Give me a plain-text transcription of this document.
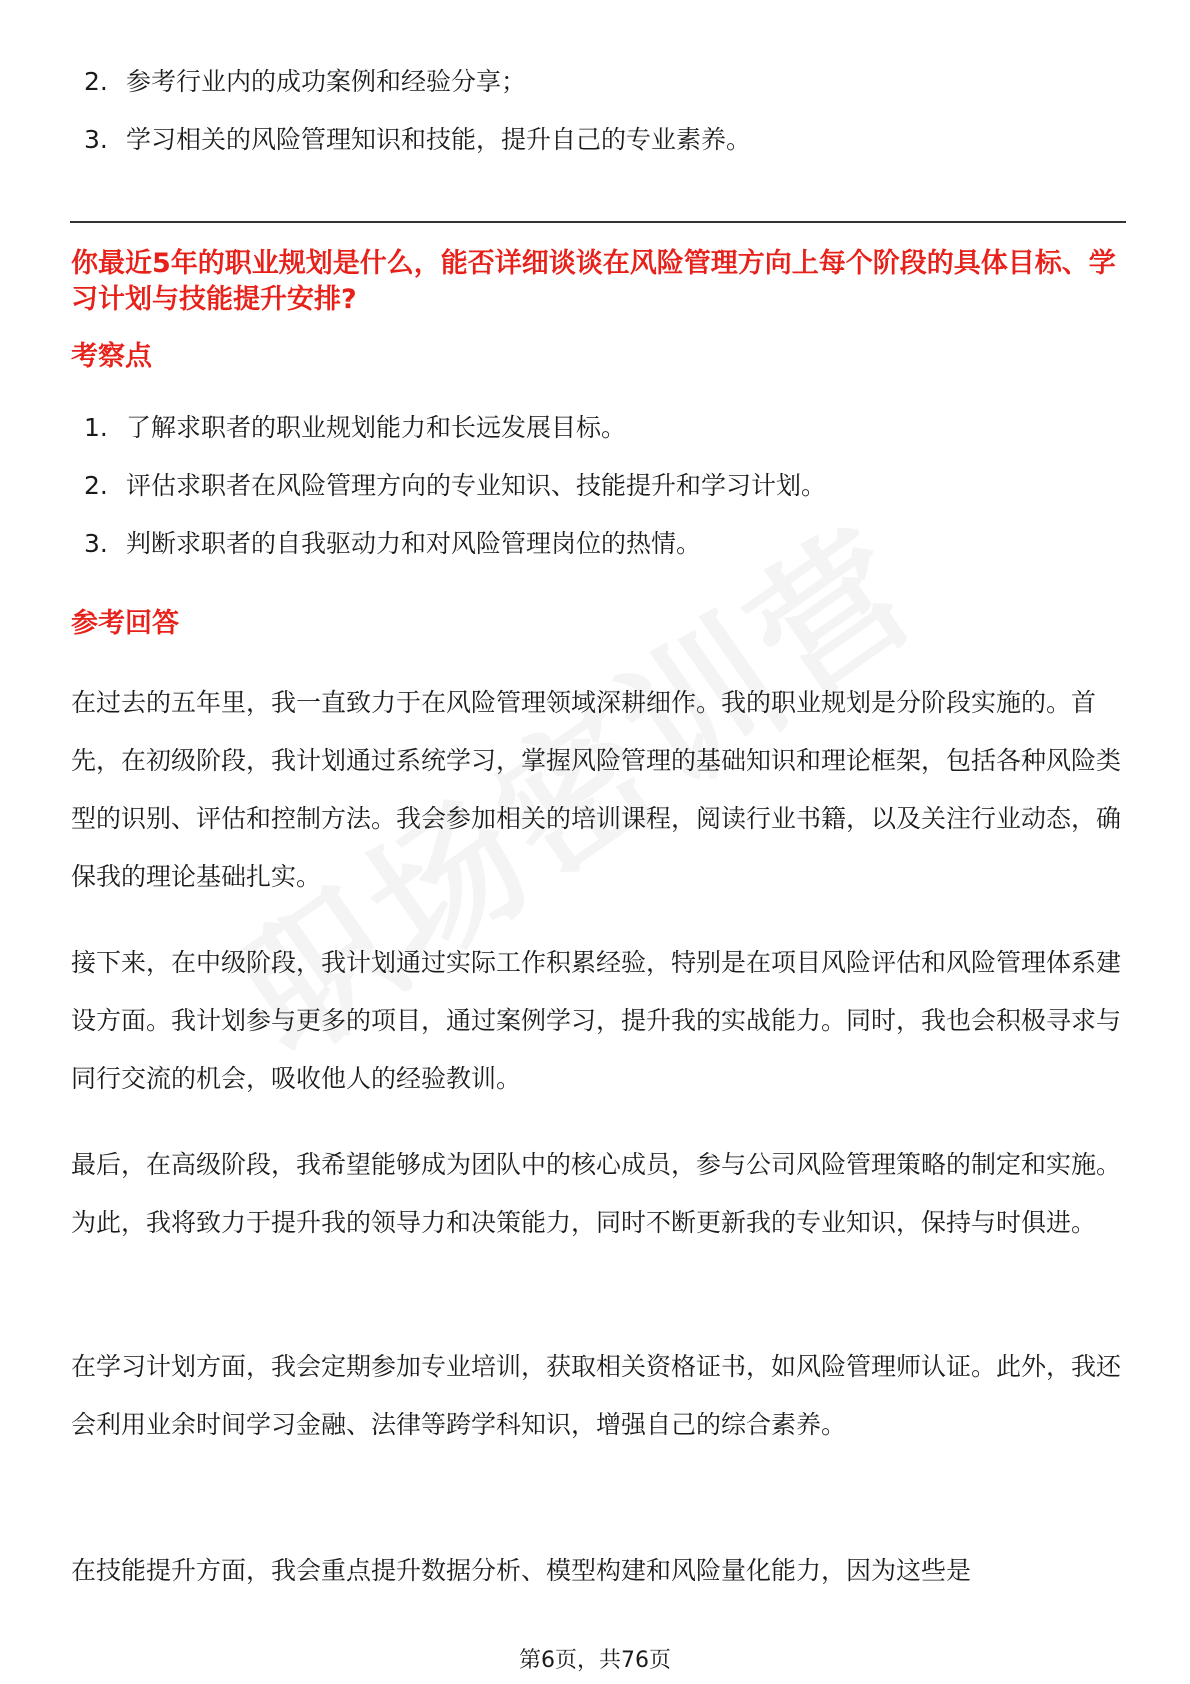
2. 参考行业内的成功案例和经验分享；
3. 学习相关的风险管理知识和技能，提升自己的专业素养。
你最近5年的职业规划是什么，能否详细谈谈在风险管理方向上每个阶段的具体目标、学习计划与技能提升安排?
考察点
1. 了解求职者的职业规划能力和长远发展目标。
2. 评估求职者在风险管理方向的专业知识、技能提升和学习计划。
3. 判断求职者的自我驱动力和对风险管理岗位的热情。
参考回答

在过去的五年里，我一直致力于在风险管理领域深耕细作。我的职业规划是分阶段实施的。首先，在初级阶段，我计划通过系统学习，掌握风险管理的基础知识和理论框架，包括各种风险类型的识别、评估和控制方法。我会参加相关的培训课程，阅读行业书籍，以及关注行业动态，确保我的理论基础扎实。

接下来，在中级阶段，我计划通过实际工作积累经验，特别是在项目风险评估和风险管理体系建设方面。我计划参与更多的项目，通过案例学习，提升我的实战能力。同时，我也会积极寻求与同行交流的机会，吸收他人的经验教训。

最后，在高级阶段，我希望能够成为团队中的核心成员，参与公司风险管理策略的制定和实施。为此，我将致力于提升我的领导力和决策能力，同时不断更新我的专业知识，保持与时俱进。

在学习计划方面，我会定期参加专业培训，获取相关资格证书，如风险管理师认证。此外，我还会利用业余时间学习金融、法律等跨学科知识，增强自己的综合素养。

在技能提升方面，我会重点提升数据分析、模型构建和风险量化能力，因为这些是

第6页，共76页
